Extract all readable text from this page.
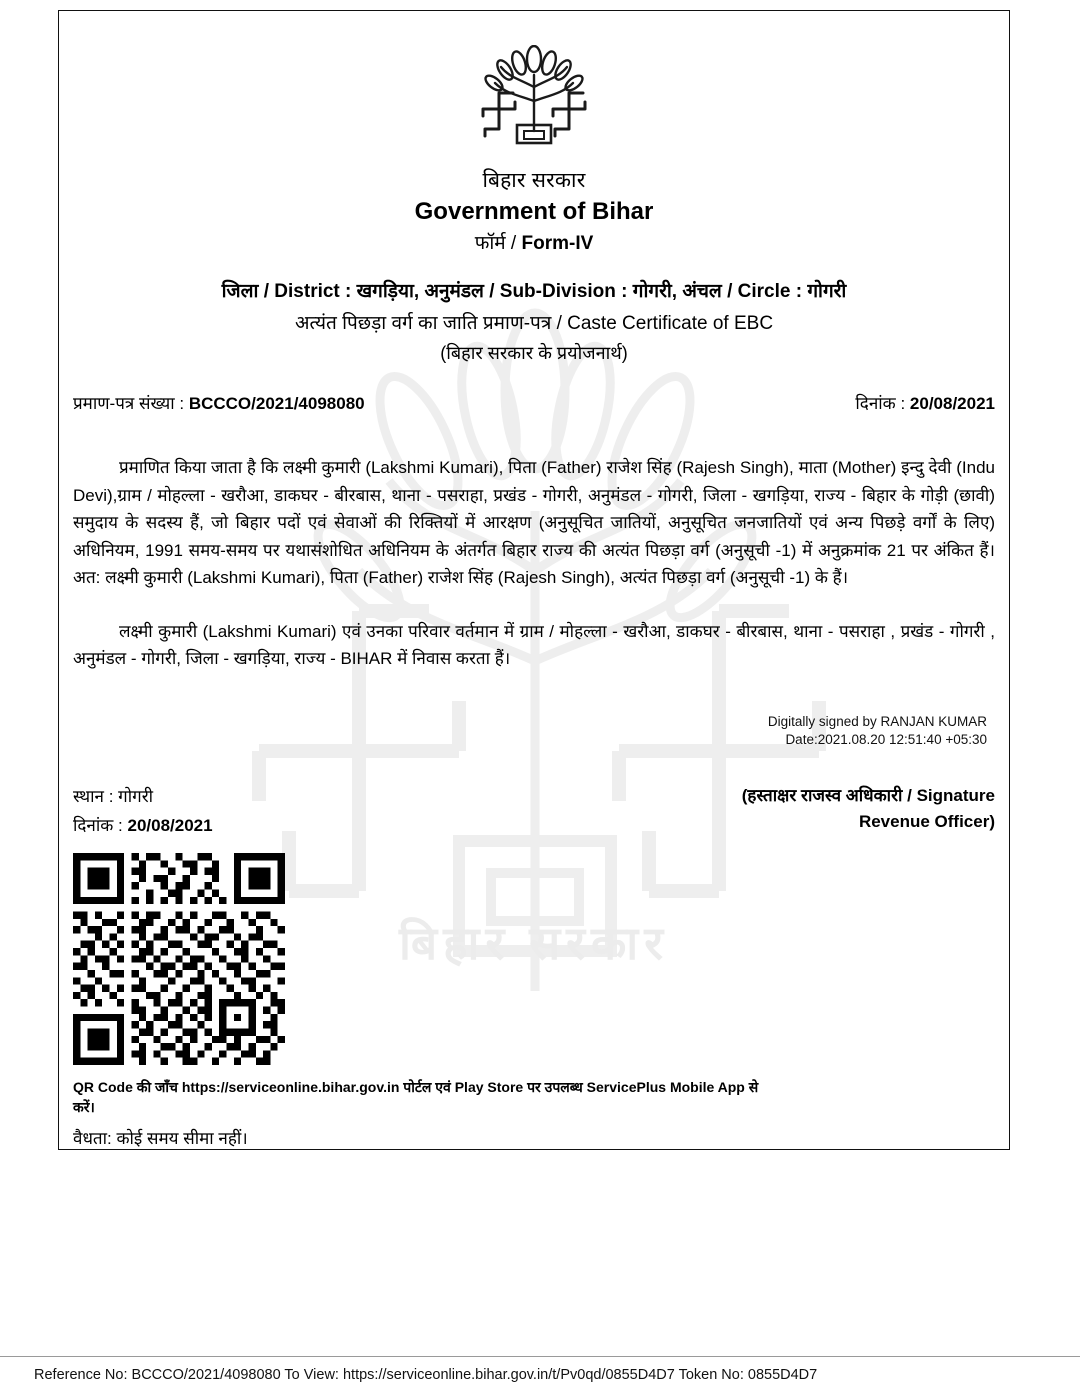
बिहार सरकार
बिहार सरकार
Government of Bihar
फॉर्म / Form-IV
जिला / District : खगड़िया, अनुमंडल / Sub-Division : गोगरी, अंचल / Circle : गोगरी
अत्यंत पिछड़ा वर्ग का जाति प्रमाण-पत्र / Caste Certificate of EBC
(बिहार सरकार के प्रयोजनार्थ)
प्रमाण-पत्र संख्या : BCCCO/2021/4098080	दिनांक : 20/08/2021
प्रमाणित किया जाता है कि लक्ष्मी कुमारी (Lakshmi Kumari), पिता (Father) राजेश सिंह (Rajesh Singh), माता (Mother) इन्दु देवी (Indu Devi),ग्राम / मोहल्ला - खरौआ, डाकघर - बीरबास, थाना - पसराहा, प्रखंड - गोगरी, अनुमंडल - गोगरी, जिला - खगड़िया, राज्य - बिहार के गोड़ी (छावी) समुदाय के सदस्य हैं, जो बिहार पदों एवं सेवाओं की रिक्तियों में आरक्षण (अनुसूचित जातियों, अनुसूचित जनजातियों एवं अन्य पिछड़े वर्गों के लिए) अधिनियम, 1991 समय-समय पर यथासंशोधित अधिनियम के अंतर्गत बिहार राज्य की अत्यंत पिछड़ा वर्ग (अनुसूची -1) में अनुक्रमांक 21 पर अंकित हैं। अत: लक्ष्मी कुमारी (Lakshmi Kumari), पिता (Father) राजेश सिंह (Rajesh Singh), अत्यंत पिछड़ा वर्ग (अनुसूची -1) के हैं।
लक्ष्मी कुमारी (Lakshmi Kumari) एवं उनका परिवार वर्तमान में ग्राम / मोहल्ला - खरौआ, डाकघर - बीरबास, थाना - पसराहा , प्रखंड - गोगरी , अनुमंडल - गोगरी, जिला - खगड़िया, राज्य - BIHAR में निवास करता हैं।
Digitally signed by RANJAN KUMAR
Date:2021.08.20 12:51:40 +05:30
स्थान : गोगरी
दिनांक : 20/08/2021
(हस्ताक्षर राजस्व अधिकारी / Signature
Revenue Officer)
QR Code की जाँच https://serviceonline.bihar.gov.in पोर्टल एवं Play Store पर उपलब्ध ServicePlus Mobile App से करें।
वैधता: कोई समय सीमा नहीं।
Reference No: BCCCO/2021/4098080 To View: https://serviceonline.bihar.gov.in/t/Pv0qd/0855D4D7 Token No: 0855D4D7
